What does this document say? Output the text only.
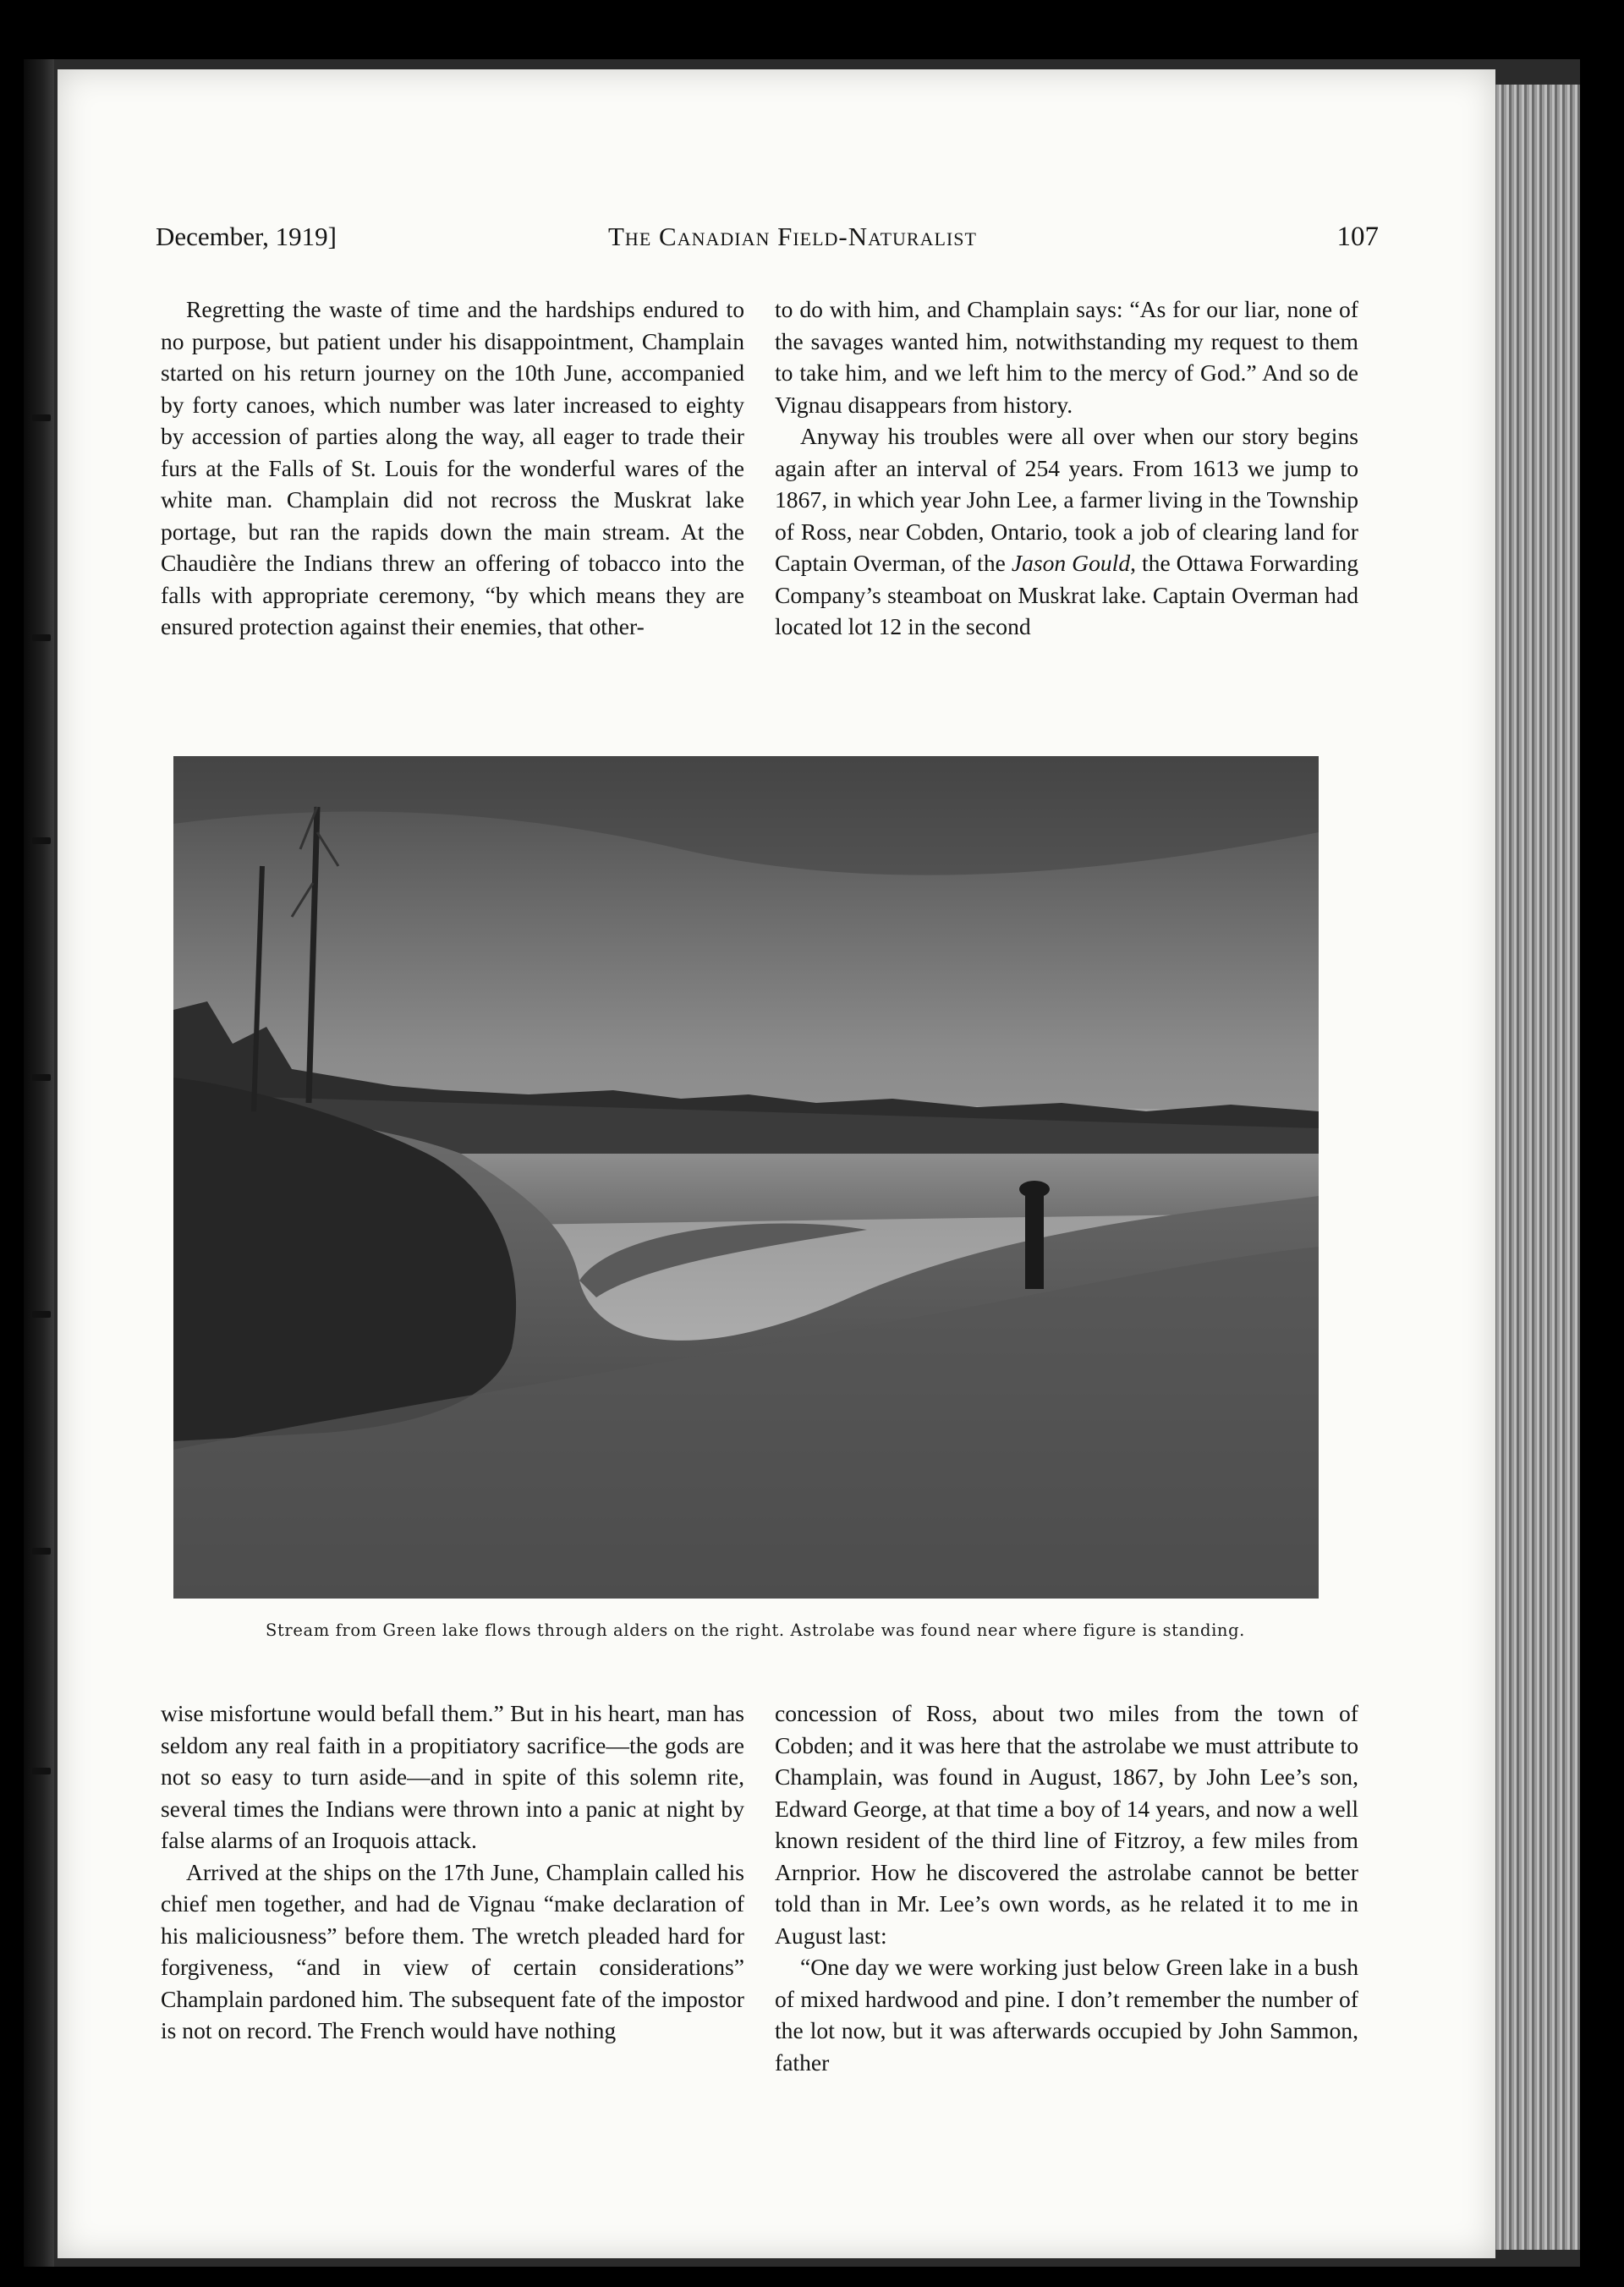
December, 1919]	The Canadian Field-Naturalist	107

Regretting the waste of time and the hardships endured to no purpose, but patient under his disappointment, Champlain started on his return journey on the 10th June, accompanied by forty canoes, which number was later increased to eighty by accession of parties along the way, all eager to trade their furs at the Falls of St. Louis for the wonderful wares of the white man. Champlain did not recross the Muskrat lake portage, but ran the rapids down the main stream. At the Chaudière the Indians threw an offering of tobacco into the falls with appropriate ceremony, “by which means they are ensured protection against their enemies, that other-

to do with him, and Champlain says: “As for our liar, none of the savages wanted him, notwithstanding my request to them to take him, and we left him to the mercy of God.” And so de Vignau disappears from history.

Anyway his troubles were all over when our story begins again after an interval of 254 years. From 1613 we jump to 1867, in which year John Lee, a farmer living in the Township of Ross, near Cobden, Ontario, took a job of clearing land for Captain Overman, of the Jason Gould, the Ottawa Forwarding Company’s steamboat on Muskrat lake. Captain Overman had located lot 12 in the second

Stream from Green lake flows through alders on the right. Astrolabe was found near where figure is standing.

wise misfortune would befall them.” But in his heart, man has seldom any real faith in a propitiatory sacrifice—the gods are not so easy to turn aside—and in spite of this solemn rite, several times the Indians were thrown into a panic at night by false alarms of an Iroquois attack.

Arrived at the ships on the 17th June, Champlain called his chief men together, and had de Vignau “make declaration of his maliciousness” before them. The wretch pleaded hard for forgiveness, “and in view of certain considerations” Champlain pardoned him. The subsequent fate of the impostor is not on record. The French would have nothing

concession of Ross, about two miles from the town of Cobden; and it was here that the astrolabe we must attribute to Champlain, was found in August, 1867, by John Lee’s son, Edward George, at that time a boy of 14 years, and now a well known resident of the third line of Fitzroy, a few miles from Arnprior. How he discovered the astrolabe cannot be better told than in Mr. Lee’s own words, as he related it to me in August last:

“One day we were working just below Green lake in a bush of mixed hardwood and pine. I don’t remember the number of the lot now, but it was afterwards occupied by John Sammon, father
